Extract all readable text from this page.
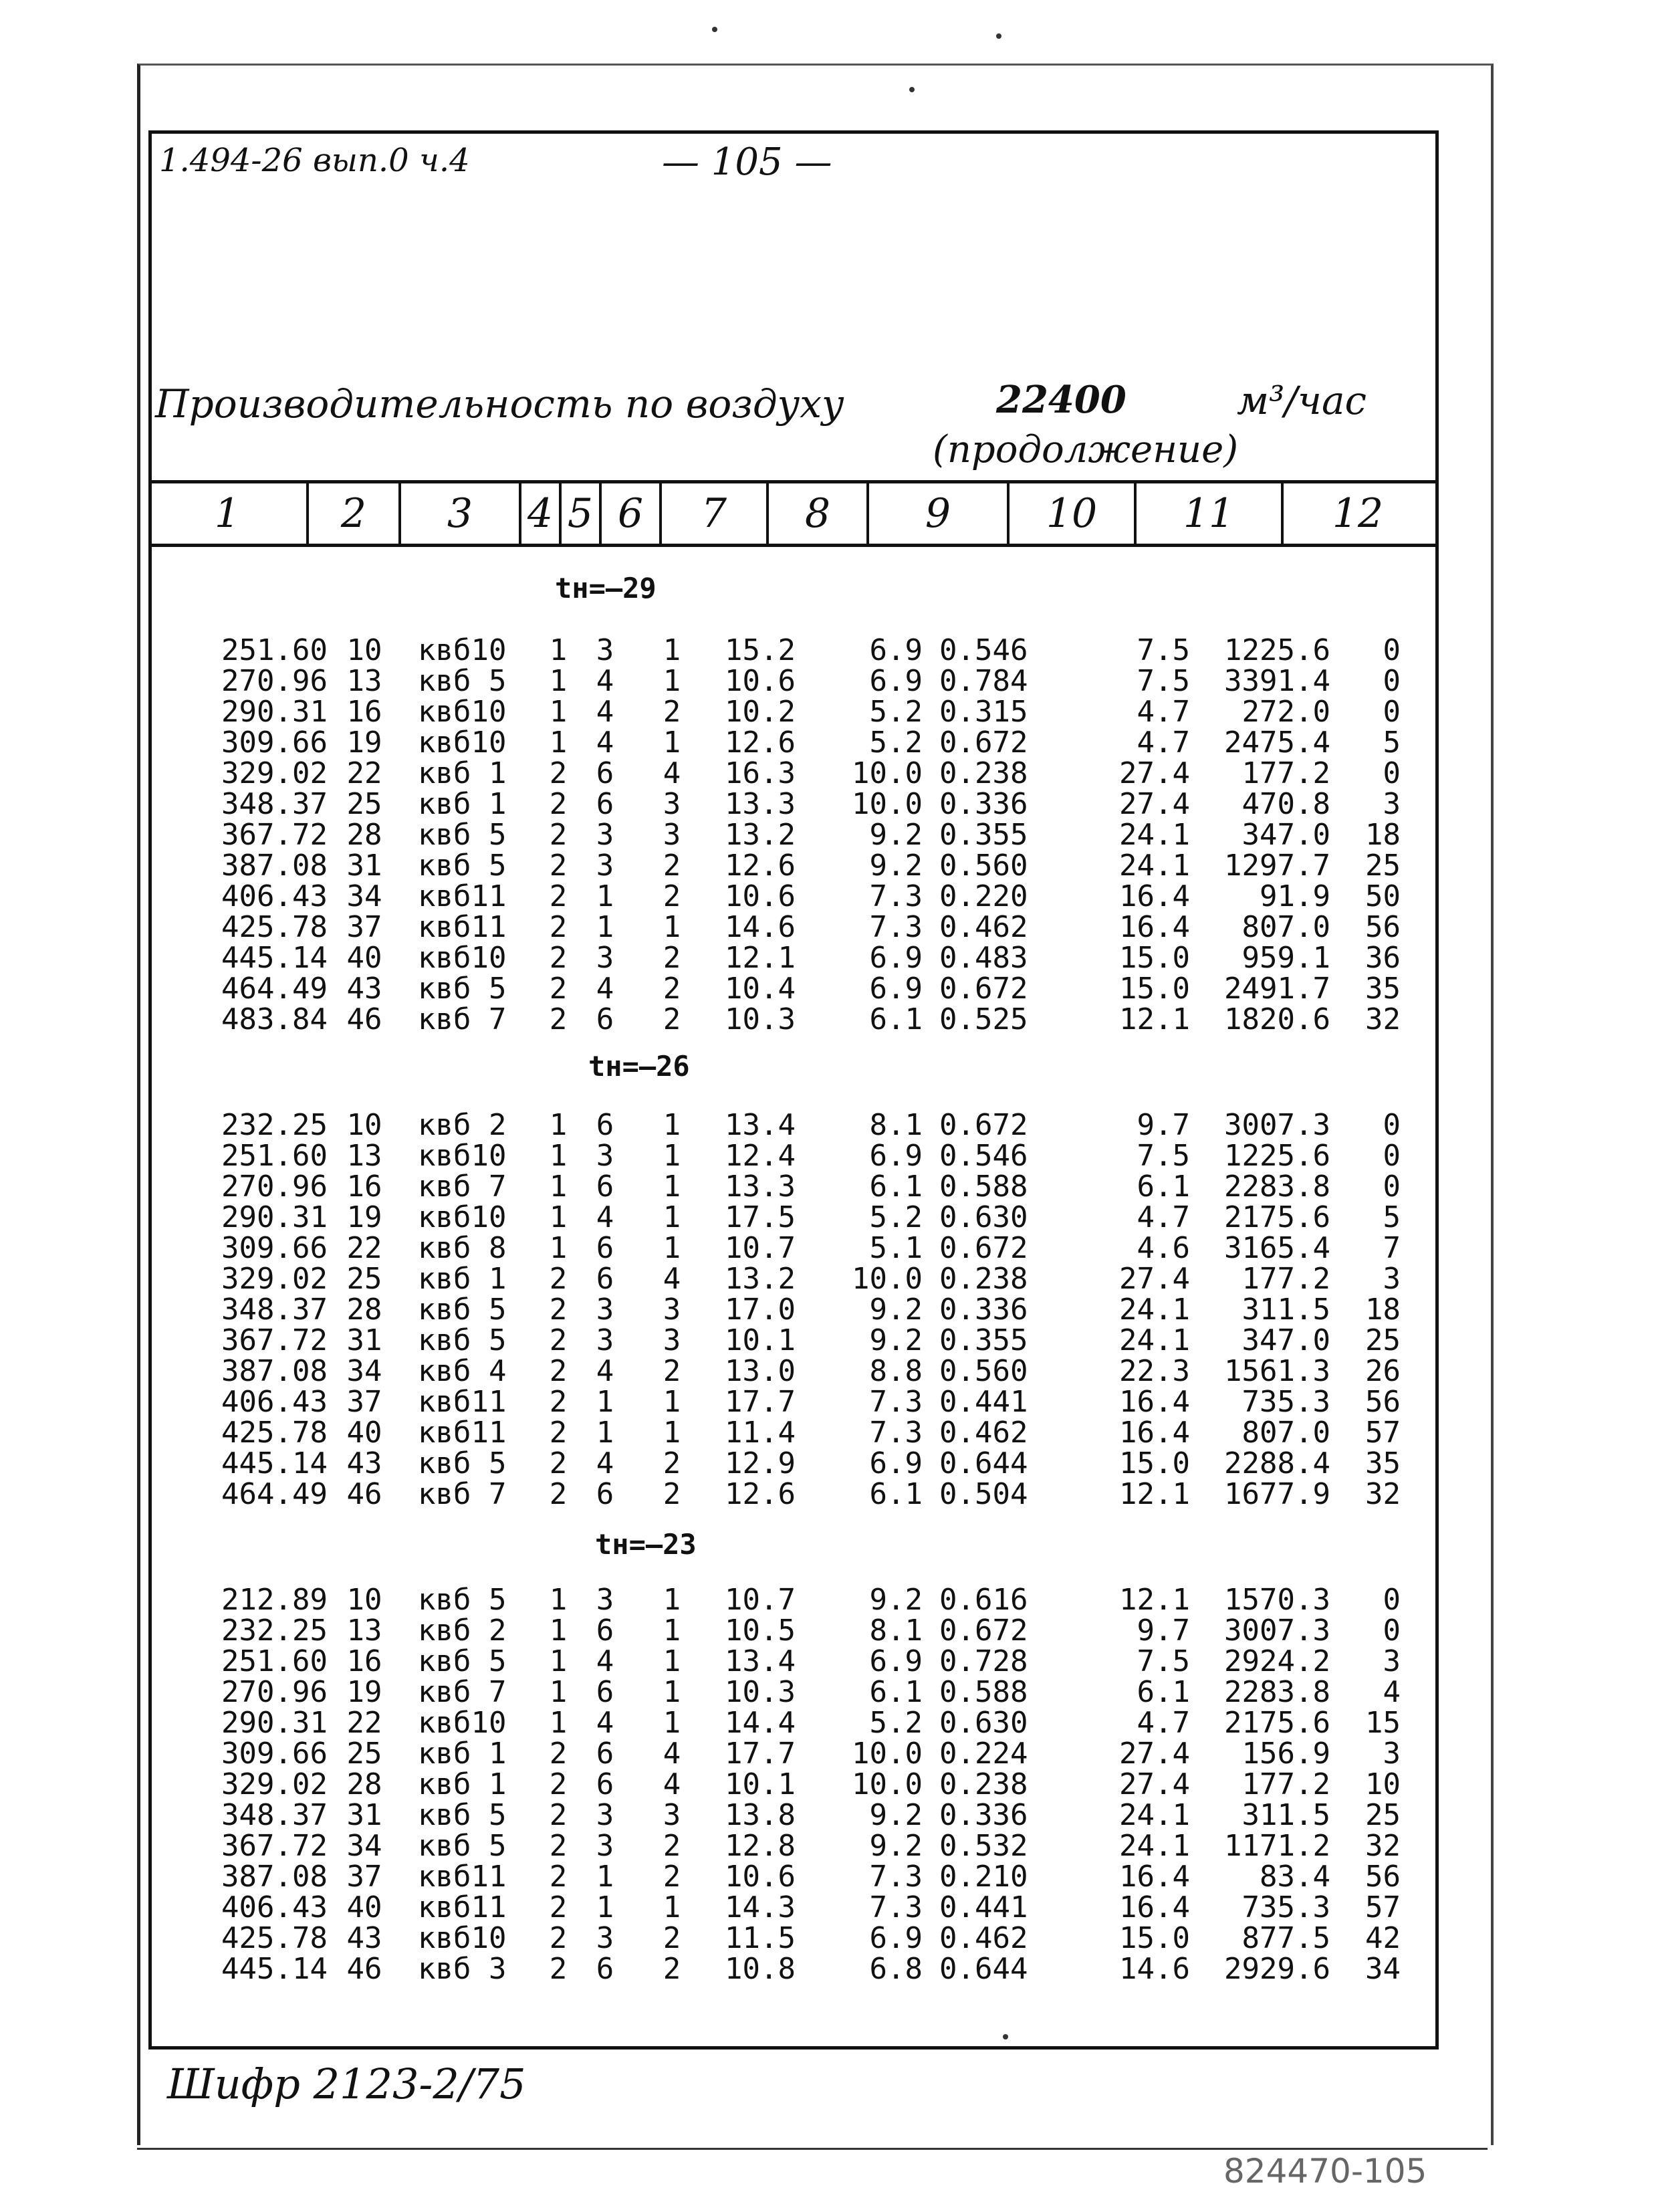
1.494-26 вып.0 ч.4	— 105 —
Производительность по воздуху	22400	м³/час
(продолжение)
1	2	3	4 5 6	7	8	9	10	11	12
tн=–29
251.60 10	квб10	1 3 1	15.2	6.9 0.546	7.5	1225.6	0
270.96 13	квб 5	1 4 1	10.6	6.9 0.784	7.5	3391.4	0
290.31 16	квб10	1 4 2	10.2	5.2 0.315	4.7	272.0	0
309.66 19	квб10	1 4 1	12.6	5.2 0.672	4.7	2475.4	5
329.02 22	квб 1	2 6 4	16.3	10.0 0.238	27.4	177.2	0
348.37 25	квб 1	2 6 3	13.3	10.0 0.336	27.4	470.8	3
367.72 28	квб 5	2 3 3	13.2	9.2 0.355	24.1	347.0	18
387.08 31	квб 5	2 3 2	12.6	9.2 0.560	24.1	1297.7	25
406.43 34	квб11	2 1 2	10.6	7.3 0.220	16.4	91.9	50
425.78 37	квб11	2 1 1	14.6	7.3 0.462	16.4	807.0	56
445.14 40	квб10	2 3 2	12.1	6.9 0.483	15.0	959.1	36
464.49 43	квб 5	2 4 2	10.4	6.9 0.672	15.0	2491.7	35
483.84 46	квб 7	2 6 2	10.3	6.1 0.525	12.1	1820.6	32
tн=–26
232.25 10	квб 2	1 6 1	13.4	8.1 0.672	9.7	3007.3	0
251.60 13	квб10	1 3 1	12.4	6.9 0.546	7.5	1225.6	0
270.96 16	квб 7	1 6 1	13.3	6.1 0.588	6.1	2283.8	0
290.31 19	квб10	1 4 1	17.5	5.2 0.630	4.7	2175.6	5
309.66 22	квб 8	1 6 1	10.7	5.1 0.672	4.6	3165.4	7
329.02 25	квб 1	2 6 4	13.2	10.0 0.238	27.4	177.2	3
348.37 28	квб 5	2 3 3	17.0	9.2 0.336	24.1	311.5	18
367.72 31	квб 5	2 3 3	10.1	9.2 0.355	24.1	347.0	25
387.08 34	квб 4	2 4 2	13.0	8.8 0.560	22.3	1561.3	26
406.43 37	квб11	2 1 1	17.7	7.3 0.441	16.4	735.3	56
425.78 40	квб11	2 1 1	11.4	7.3 0.462	16.4	807.0	57
445.14 43	квб 5	2 4 2	12.9	6.9 0.644	15.0	2288.4	35
464.49 46	квб 7	2 6 2	12.6	6.1 0.504	12.1	1677.9	32
tн=–23
212.89 10	квб 5	1 3 1	10.7	9.2 0.616	12.1	1570.3	0
232.25 13	квб 2	1 6 1	10.5	8.1 0.672	9.7	3007.3	0
251.60 16	квб 5	1 4 1	13.4	6.9 0.728	7.5	2924.2	3
270.96 19	квб 7	1 6 1	10.3	6.1 0.588	6.1	2283.8	4
290.31 22	квб10	1 4 1	14.4	5.2 0.630	4.7	2175.6	15
309.66 25	квб 1	2 6 4	17.7	10.0 0.224	27.4	156.9	3
329.02 28	квб 1	2 6 4	10.1	10.0 0.238	27.4	177.2	10
348.37 31	квб 5	2 3 3	13.8	9.2 0.336	24.1	311.5	25
367.72 34	квб 5	2 3 2	12.8	9.2 0.532	24.1	1171.2	32
387.08 37	квб11	2 1 2	10.6	7.3 0.210	16.4	83.4	56
406.43 40	квб11	2 1 1	14.3	7.3 0.441	16.4	735.3	57
425.78 43	квб10	2 3 2	11.5	6.9 0.462	15.0	877.5	42
445.14 46	квб 3	2 6 2	10.8	6.8 0.644	14.6	2929.6	34
Шифр 2123-2/75
824470-105
